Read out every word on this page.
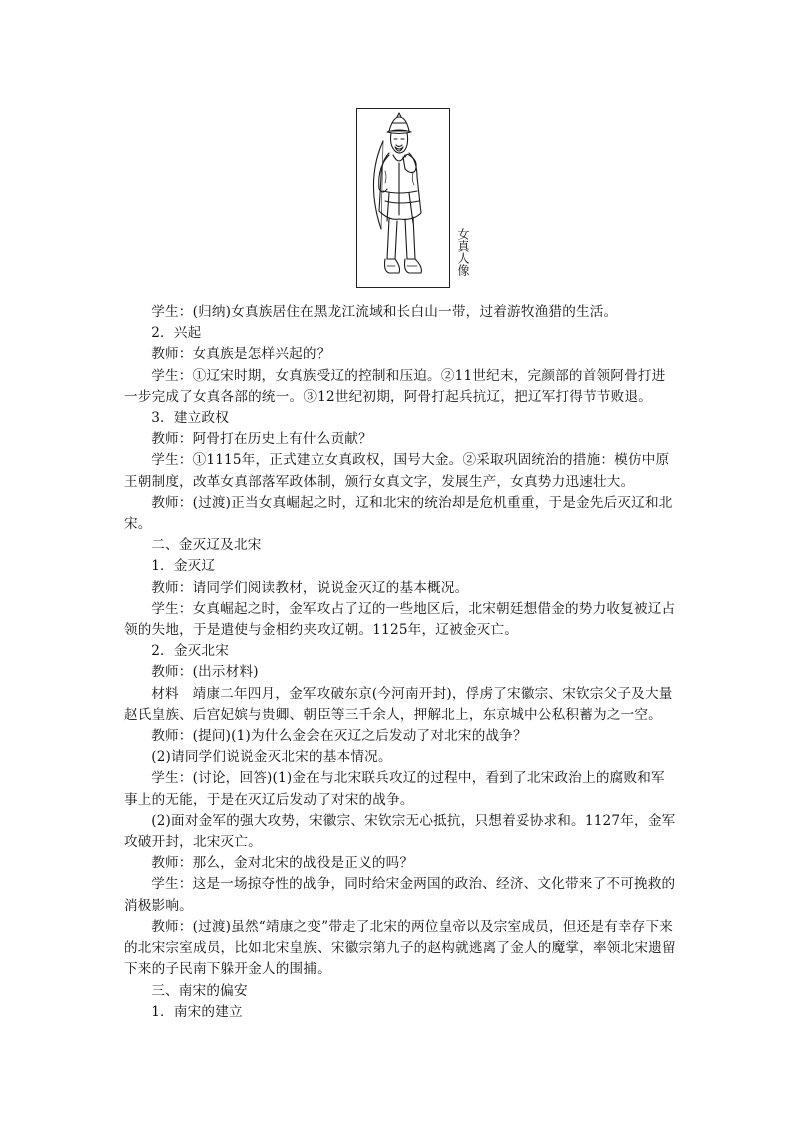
女真人像

学生：(归纳)女真族居住在黑龙江流域和长白山一带，过着游牧渔猎的生活。

2．兴起

教师：女真族是怎样兴起的？

学生：①辽宋时期，女真族受辽的控制和压迫。②11世纪末，完颜部的首领阿骨打进一步完成了女真各部的统一。③12世纪初期，阿骨打起兵抗辽，把辽军打得节节败退。

3．建立政权

教师：阿骨打在历史上有什么贡献？

学生：①1115年，正式建立女真政权，国号大金。②采取巩固统治的措施：模仿中原王朝制度，改革女真部落军政体制，颁行女真文字，发展生产，女真势力迅速壮大。

教师：(过渡)正当女真崛起之时，辽和北宋的统治却是危机重重，于是金先后灭辽和北宋。

二、金灭辽及北宋

1．金灭辽

教师：请同学们阅读教材，说说金灭辽的基本概况。

学生：女真崛起之时，金军攻占了辽的一些地区后，北宋朝廷想借金的势力收复被辽占领的失地，于是遣使与金相约夹攻辽朝。1125年，辽被金灭亡。

2．金灭北宋

教师：(出示材料)

材料　靖康二年四月，金军攻破东京(今河南开封)，俘虏了宋徽宗、宋钦宗父子及大量赵氏皇族、后宫妃嫔与贵卿、朝臣等三千余人，押解北上，东京城中公私积蓄为之一空。

教师：(提问)(1)为什么金会在灭辽之后发动了对北宋的战争？

(2)请同学们说说金灭北宋的基本情况。

学生：(讨论，回答)(1)金在与北宋联兵攻辽的过程中，看到了北宋政治上的腐败和军事上的无能，于是在灭辽后发动了对宋的战争。

(2)面对金军的强大攻势，宋徽宗、宋钦宗无心抵抗，只想着妥协求和。1127年，金军攻破开封，北宋灭亡。

教师：那么，金对北宋的战役是正义的吗？

学生：这是一场掠夺性的战争，同时给宋金两国的政治、经济、文化带来了不可挽救的消极影响。

教师：(过渡)虽然“靖康之变”带走了北宋的两位皇帝以及宗室成员，但还是有幸存下来的北宋宗室成员，比如北宋皇族、宋徽宗第九子的赵构就逃离了金人的魔掌，率领北宋遗留下来的子民南下躲开金人的围捕。

三、南宋的偏安

1．南宋的建立
